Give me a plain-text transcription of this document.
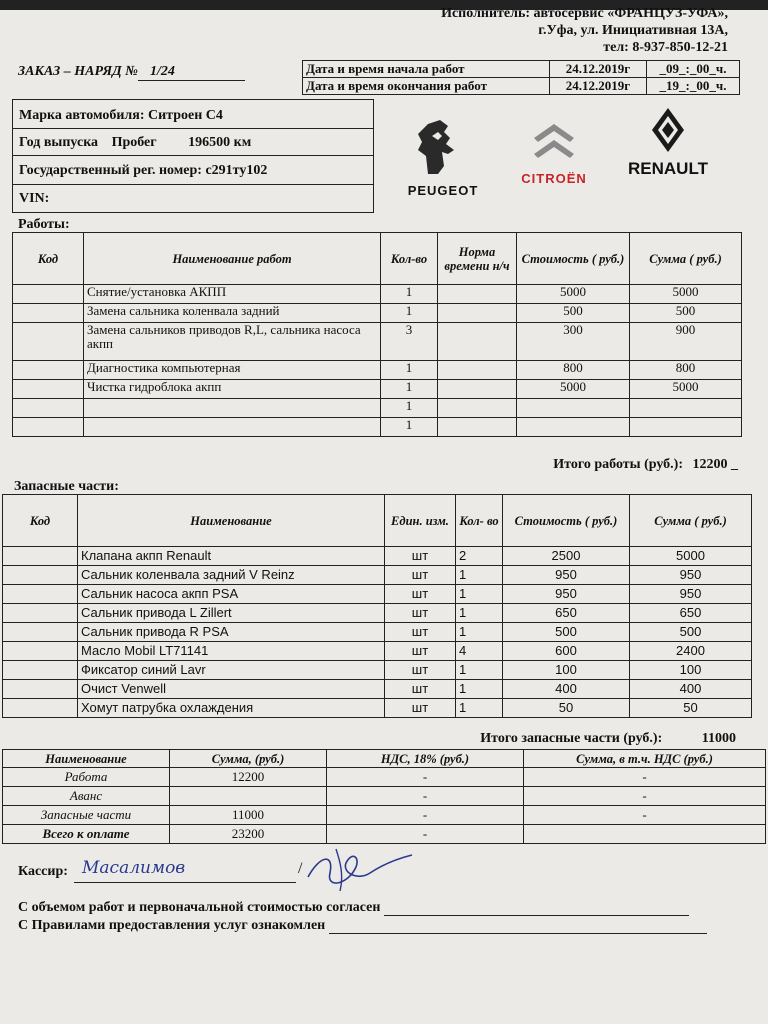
Исполнитель: автосервис «ФРАНЦУЗ-УФА»,
г.Уфа, ул. Инициативная 13А,
тел: 8-937-850-12-21
ЗАКАЗ – НАРЯД № 1/24	Дата и время начала работ	24.12.2019г	_09_:_00_ч.
Дата и время окончания работ	24.12.2019г	_19_:_00_ч.
Марка автомобиля: Ситроен С4
Год выпуска Пробег 196500 км
Государственный рег. номер: с291ту102
VIN:
PEUGEOT
CITROËN
RENAULT
Работы:
Код	Наименование работ	Кол-во	Норма времени н/ч	Стоимость ( руб.)	Сумма ( руб.)
	Снятие/установка АКПП	1		5000	5000
	Замена сальника коленвала задний	1		500	500
	Замена сальников приводов R,L, сальника насоса акпп	3		300	900
	Диагностика компьютерная	1		800	800
	Чистка гидроблока акпп	1		5000	5000
		1			
		1			
Итого работы (руб.): 12200 _
Запасные части:
Код	Наименование	Един. изм.	Кол- во	Стоимость ( руб.)	Сумма ( руб.)
	Клапана акпп Renault	шт	2	2500	5000
	Сальник коленвала задний V Reinz	шт	1	950	950
	Сальник насоса акпп PSA	шт	1	950	950
	Сальник привода L Zillert	шт	1	650	650
	Сальник привода R PSA	шт	1	500	500
	Масло Mobil LT71141	шт	4	600	2400
	Фиксатор синий Lavr	шт	1	100	100
	Очист Venwell	шт	1	400	400
	Хомут патрубка охлаждения	шт	1	50	50
Итого запасные части (руб.):	11000
Наименование	Сумма, (руб.)	НДС, 18% (руб.)	Сумма, в т.ч. НДС (руб.)
Работа	12200	-	-
Аванс		-	-
Запасные части	11000	-	-
Всего к оплате	23200	-	
Кассир: Масалимов	/
С объемом работ и первоначальной стоимостью согласен
С Правилами предоставления услуг ознакомлен
